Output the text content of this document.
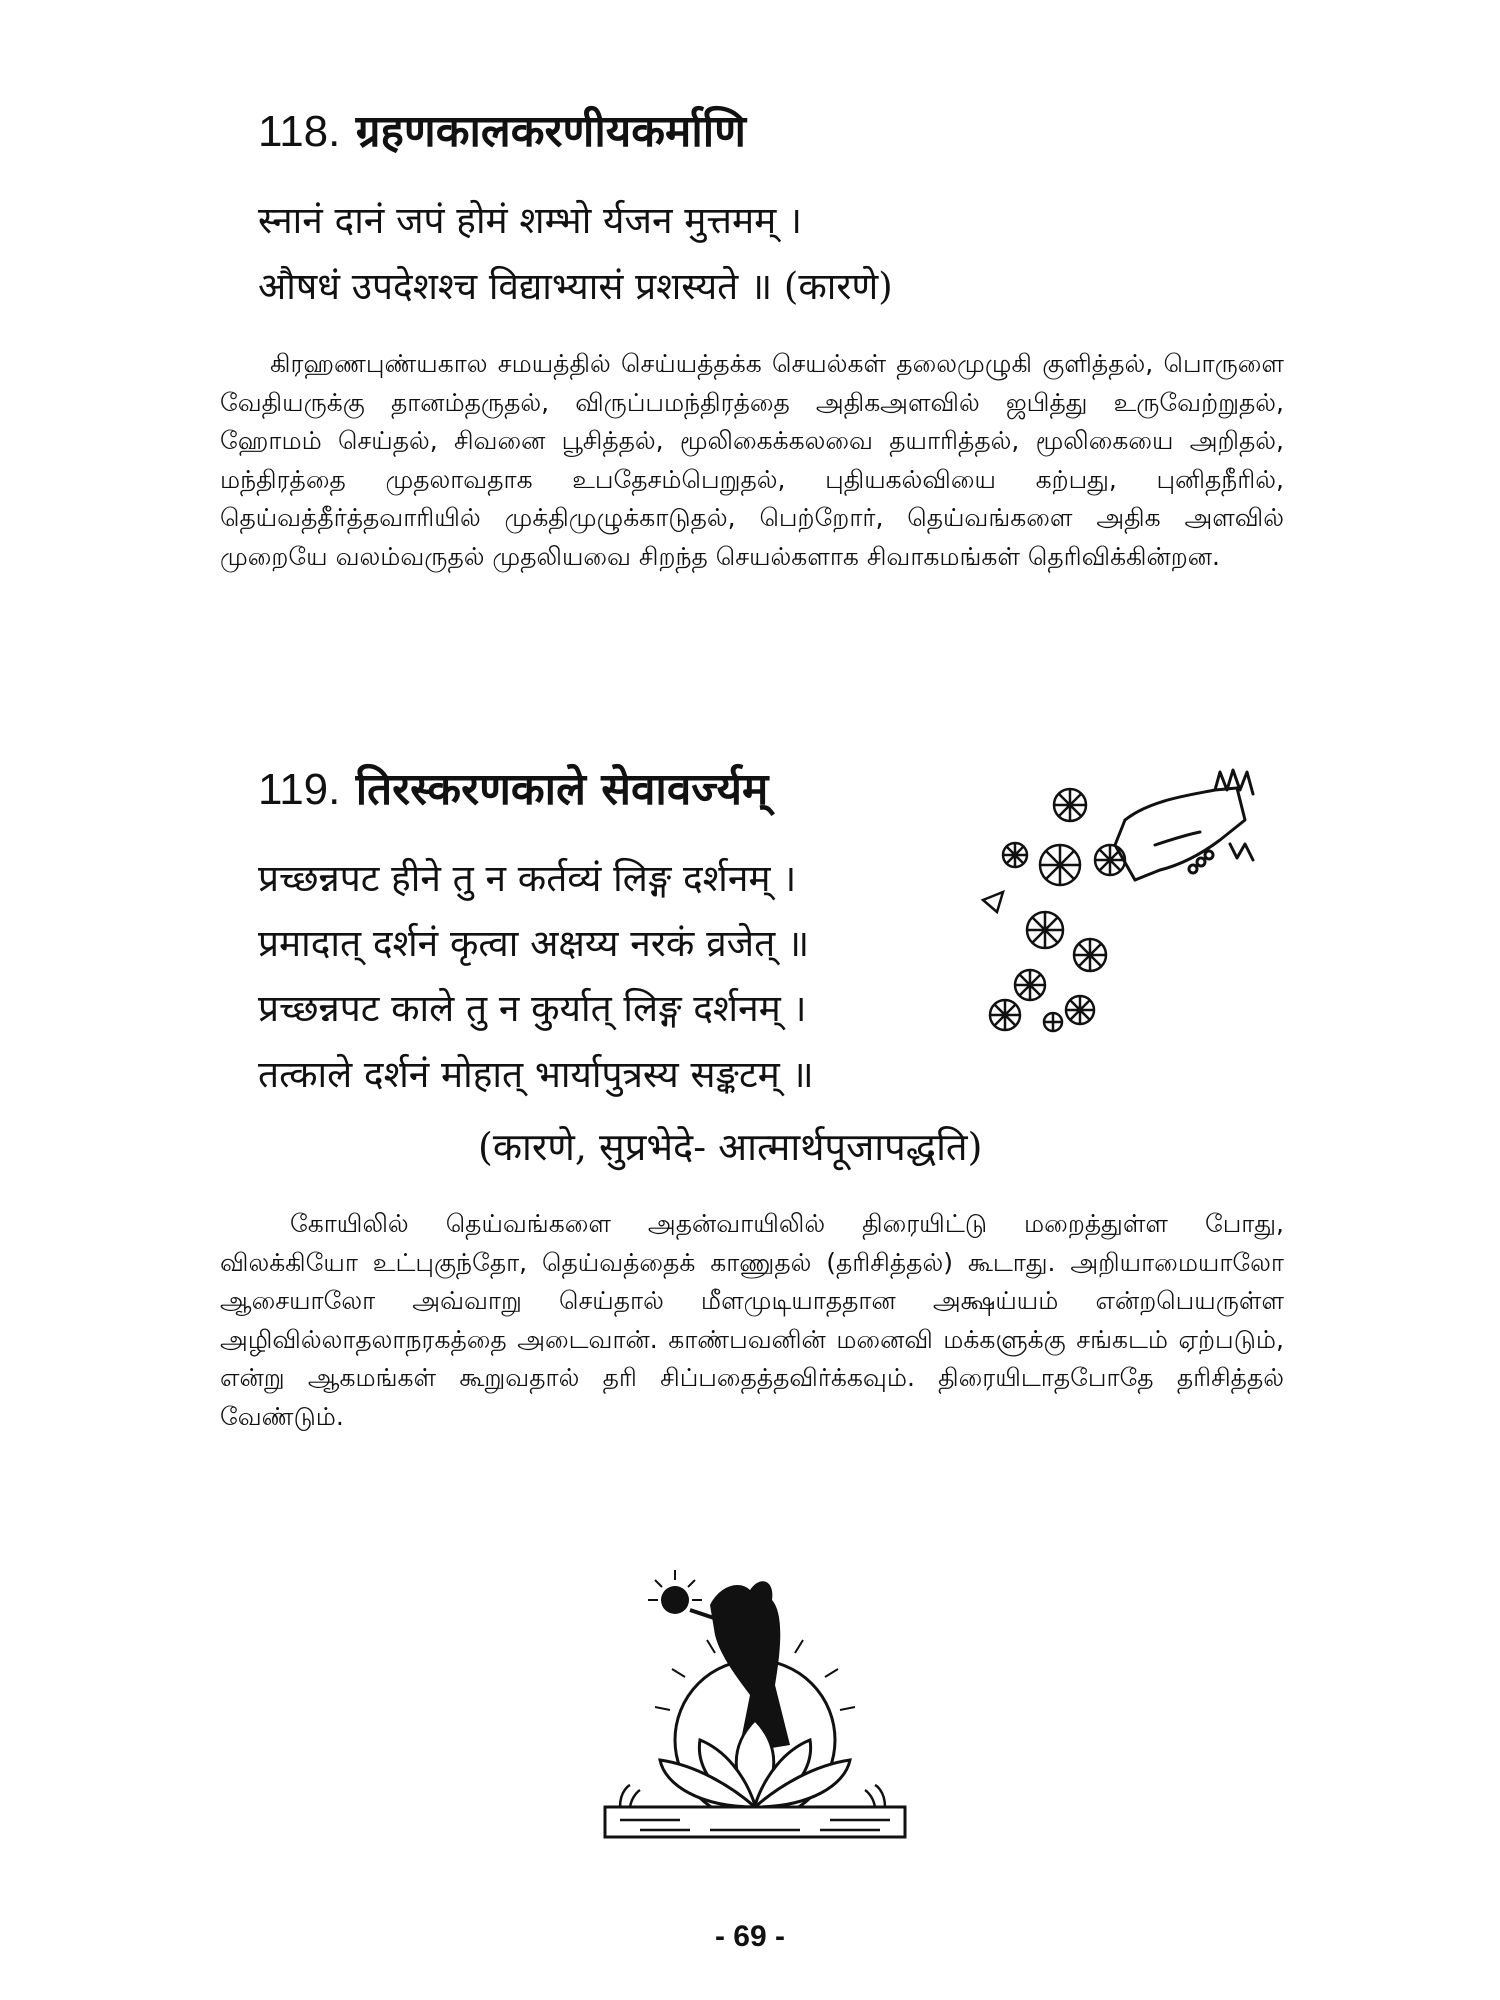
118. ग्रहणकालकरणीयकर्माणि
स्नानं दानं जपं होमं शम्भो र्यजन मुत्तमम् ।
औषधं उपदेशश्च विद्याभ्यासं प्रशस्यते ॥ (कारणे)
கிரஹணபுண்யகால சமயத்தில் செய்யத்தக்க செயல்கள் தலைமுழுகி குளித்தல், பொருளை வேதியருக்கு தானம்தருதல், விருப்பமந்திரத்தை அதிகஅளவில் ஜபித்து உருவேற்றுதல், ஹோமம் செய்தல், சிவனை பூசித்தல், மூலிகைக்கலவை தயாரித்தல், மூலிகையை அறிதல், மந்திரத்தை முதலாவதாக உபதேசம்பெறுதல், புதியகல்வியை கற்பது, புனிதநீரில், தெய்வத்தீர்த்தவாரியில் முக்திமுழுக்காடுதல், பெற்றோர், தெய்வங்களை அதிக அளவில் முறையே வலம்வருதல் முதலியவை சிறந்த செயல்களாக சிவாகமங்கள் தெரிவிக்கின்றன.
119. तिरस्करणकाले सेवावर्ज्यम्
प्रच्छन्नपट हीने तु न कर्तव्यं लिङ्ग दर्शनम् ।
प्रमादात् दर्शनं कृत्वा अक्षय्य नरकं व्रजेत् ॥
प्रच्छन्नपट काले तु न कुर्यात् लिङ्ग दर्शनम् ।
तत्काले दर्शनं मोहात् भार्यापुत्रस्य सङ्कटम् ॥
(कारणे, सुप्रभेदे- आत्मार्थपूजापद्धति)
கோயிலில் தெய்வங்களை அதன்வாயிலில் திரையிட்டு மறைத்துள்ள போது, விலக்கியோ உட்புகுந்தோ, தெய்வத்தைக் காணுதல் (தரிசித்தல்) கூடாது. அறியாமையாலோ ஆசையாலோ அவ்வாறு செய்தால் மீளமுடியாததான அக்ஷய்யம் என்றபெயருள்ள அழிவில்லாதலாநரகத்தை அடைவான். காண்பவனின் மனைவி மக்களுக்கு சங்கடம் ஏற்படும், என்று ஆகமங்கள் கூறுவதால் தரி சிப்பதைத்தவிர்க்கவும். திரையிடாதபோதே தரிசித்தல் வேண்டும்.
- 69 -
